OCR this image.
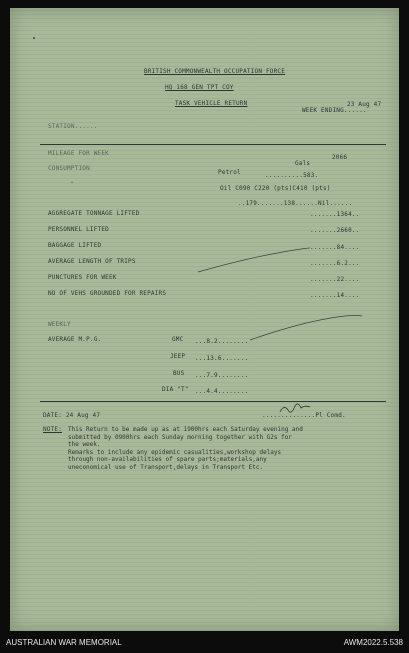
BRITISH COMMONWEALTH OCCUPATION FORCE
HQ 168 GEN TPT COY
TASK VEHICLE RETURN	23 Aug 47
WEEK ENDING......
STATION......
MILEAGE FOR WEEK
2066
CONSUMPTION
Gals
Petrol	..........583.
"
Oil C090 C220 (pts)C410 (pts)
..179.......138......Nil......
AGGREGATE TONNAGE LIFTED	.......1364..
PERSONNEL LIFTED	.......2660..
BAGGAGE LIFTED	.......84....
AVERAGE LENGTH OF TRIPS	.......6.2...
PUNCTURES FOR WEEK	.......22....
NO OF VEHS GROUNDED FOR REPAIRS	.......14....
WEEKLY
AVERAGE M.P.G.	GMC ...8.2........
JEEP ...13.6.......
BUS ...7.9........
DIA "T" ...4.4........
DATE: 24 Aug 47	..............Pl Comd.
NOTE: This Return to be made up as at 1900hrs each Saturday evening and
submitted by 0900hrs each Sunday morning together with G2s for
the week.
Remarks to include any epidemic casualities,workshop delays
through non-availabilities of spare parts;materials,any
uneconomical use of Transport,delays in Transport Etc.
AUSTRALIAN WAR MEMORIAL	AWM2022.5.538
